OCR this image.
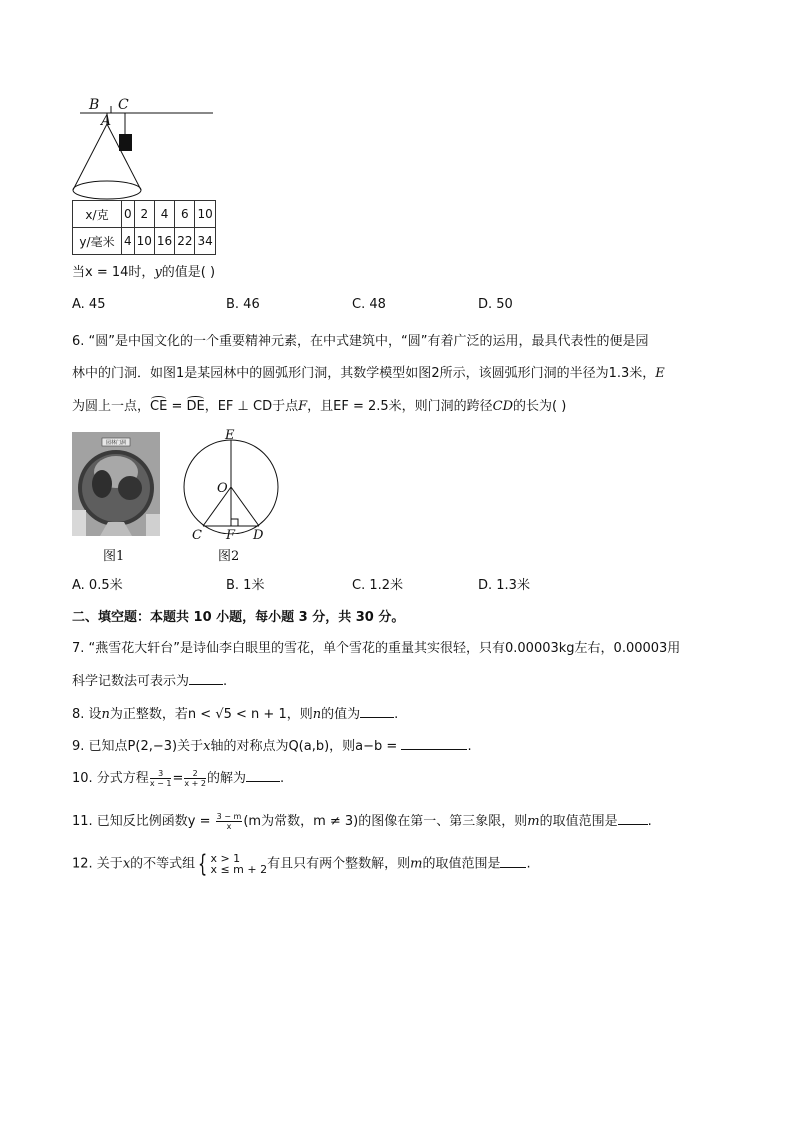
B C
A
x/克	0	2	4	6	10
y/毫米	4	10	16	22	34
当x = 14时，y的值是( )
A. 45	B. 46	C. 48	D. 50
6. “圆”是中国文化的一个重要精神元素，在中式建筑中，“圆”有着广泛的运用，最具代表性的便是园
林中的门洞．如图1是某园林中的圆弧形门洞，其数学模型如图2所示，该圆弧形门洞的半径为1.3米，E
为圆上一点，CE = DE，EF ⊥ CD于点F，且EF = 2.5米，则门洞的跨径CD的长为( )
园林门洞
图1
E
O
C F D
图2
A. 0.5米	B. 1米	C. 1.2米	D. 1.3米
二、填空题：本题共 10 小题，每小题 3 分，共 30 分。
7. “燕雪花大轩台”是诗仙李白眼里的雪花，单个雪花的重量其实很轻，只有0.00003kg左右，0.00003用
科学记数法可表示为	.
8. 设n为正整数，若n < √5 < n + 1，则n的值为	.
9. 已知点P(2,−3)关于x轴的对称点为Q(a,b)，则a−b =	.
10. 分式方程 $\frac{3}{x - 1} = \frac{2}{x + 2}$ 的解为	.
11. 已知反比例函数$y = \frac{3 - m}{x} (m$为常数，m ≠ 3)的图像在第一、第三象限，则m的取值范围是 .
12. 关于x的不等式组 { x > 1
x ≤ m + 2 有且只有两个整数解，则m的取值范围是 .
